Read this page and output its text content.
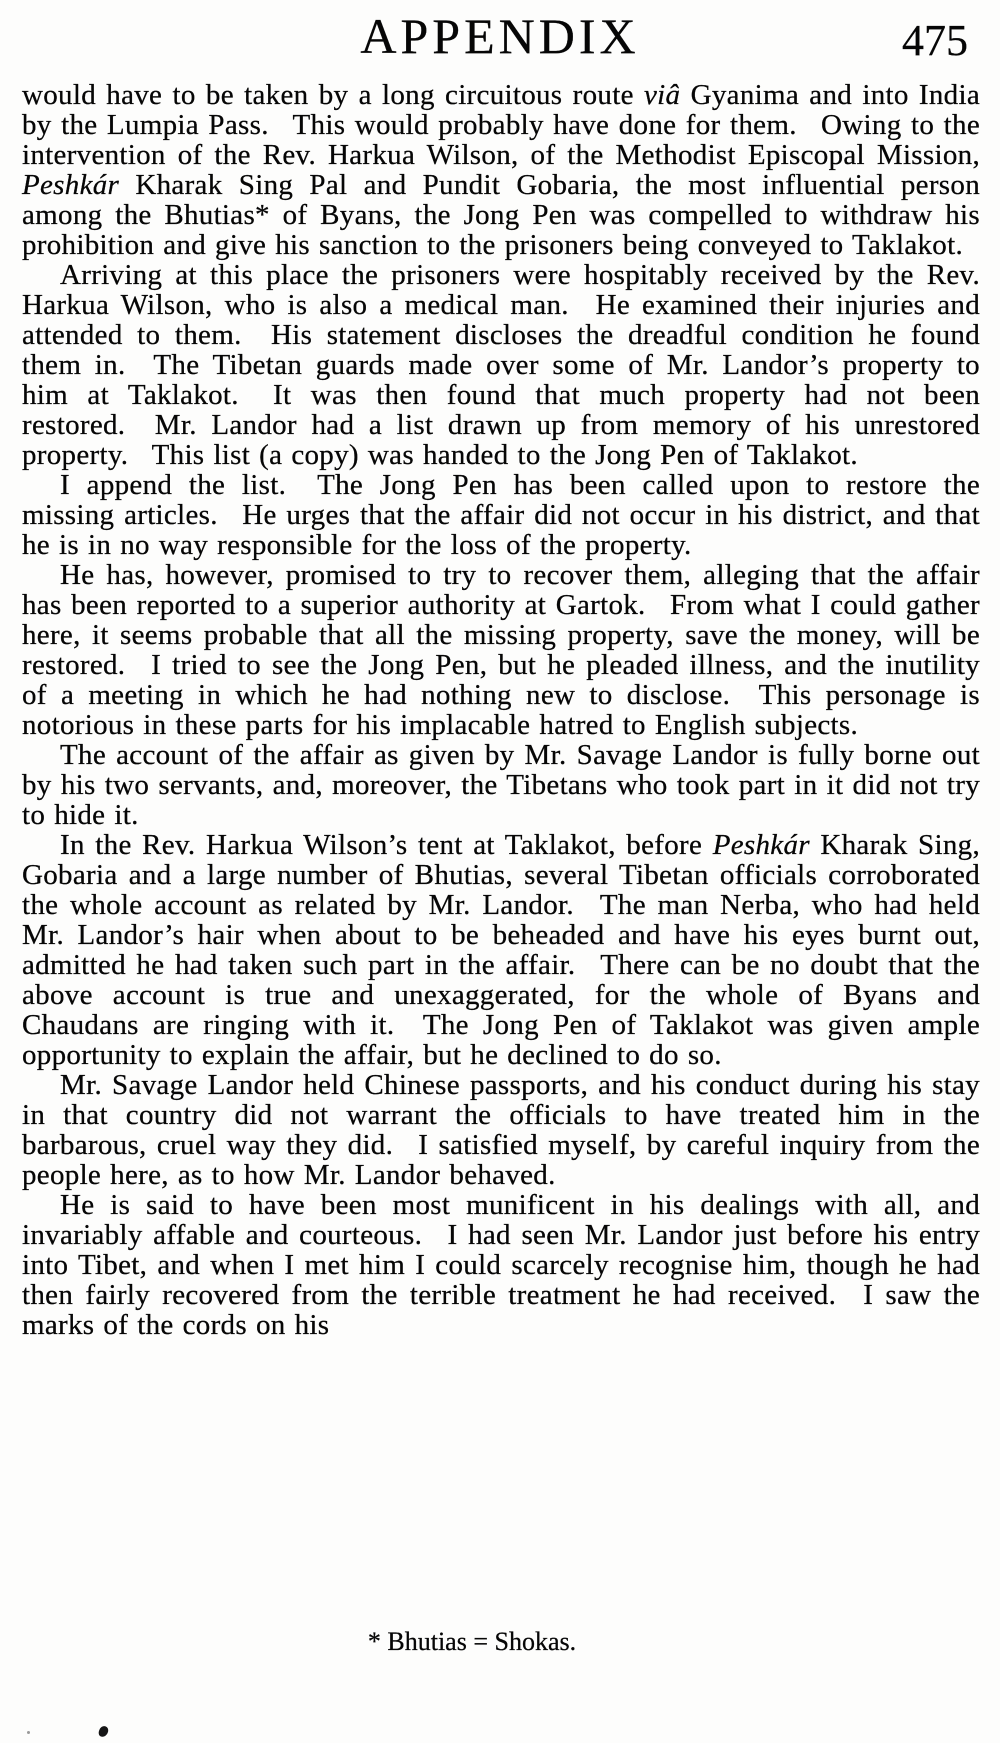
APPENDIX	475

would have to be taken by a long circuitous route viâ Gyanima and into India by the Lumpia Pass.  This would probably have done for them.  Owing to the intervention of the Rev. Harkua Wilson, of the Methodist Episcopal Mission, Peshkár Kharak Sing Pal and Pundit Gobaria, the most influential person among the Bhutias* of Byans, the Jong Pen was compelled to withdraw his prohibition and give his sanction to the prisoners being conveyed to Taklakot.

Arriving at this place the prisoners were hospitably received by the Rev. Harkua Wilson, who is also a medical man.  He examined their injuries and attended to them.  His statement discloses the dreadful condition he found them in.  The Tibetan guards made over some of Mr. Landor’s property to him at Taklakot.  It was then found that much property had not been restored.  Mr. Landor had a list drawn up from memory of his unrestored property.  This list (a copy) was handed to the Jong Pen of Taklakot.

I append the list.  The Jong Pen has been called upon to restore the missing articles.  He urges that the affair did not occur in his district, and that he is in no way responsible for the loss of the property.

He has, however, promised to try to recover them, alleging that the affair has been reported to a superior authority at Gartok.  From what I could gather here, it seems probable that all the missing property, save the money, will be restored.  I tried to see the Jong Pen, but he pleaded illness, and the inutility of a meeting in which he had nothing new to disclose.  This personage is notorious in these parts for his implacable hatred to English subjects.

The account of the affair as given by Mr. Savage Landor is fully borne out by his two servants, and, moreover, the Tibetans who took part in it did not try to hide it.

In the Rev. Harkua Wilson’s tent at Taklakot, before Peshkár Kharak Sing, Gobaria and a large number of Bhutias, several Tibetan officials corroborated the whole account as related by Mr. Landor.  The man Nerba, who had held Mr. Landor’s hair when about to be beheaded and have his eyes burnt out, admitted he had taken such part in the affair.  There can be no doubt that the above account is true and unexaggerated, for the whole of Byans and Chaudans are ringing with it.  The Jong Pen of Taklakot was given ample opportunity to explain the affair, but he declined to do so.

Mr. Savage Landor held Chinese passports, and his conduct during his stay in that country did not warrant the officials to have treated him in the barbarous, cruel way they did.  I satisfied myself, by careful inquiry from the people here, as to how Mr. Landor behaved.

He is said to have been most munificent in his dealings with all, and invariably affable and courteous.  I had seen Mr. Landor just before his entry into Tibet, and when I met him I could scarcely recognise him, though he had then fairly recovered from the terrible treatment he had received.  I saw the marks of the cords on his

* Bhutias = Shokas.
